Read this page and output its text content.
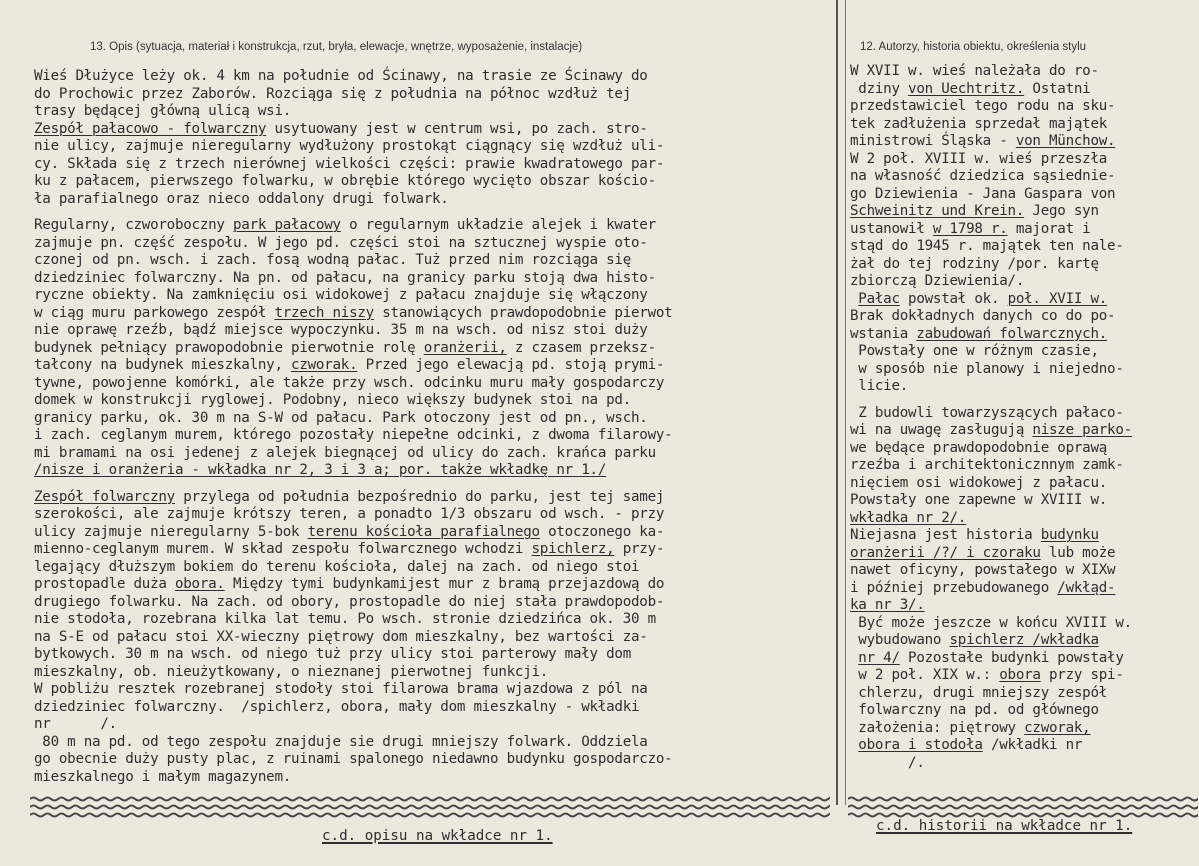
13. Opis (sytuacja, materiał i konstrukcja, rzut, bryła, elewacje, wnętrze, wyposażenie, instalacje)	12. Autorzy, historia obiektu, określenia stylu
Wieś Dłużyce leży ok. 4 km na południe od Ścinawy, na trasie ze Ścinawy do
do Prochowic przez Zaborów. Rozciąga się z południa na północ wzdłuż tej
trasy będącej główną ulicą wsi.
Zespół pałacowo - folwarczny usytuowany jest w centrum wsi, po zach. stro-
nie ulicy, zajmuje nieregularny wydłużony prostokąt ciągnący się wzdłuż uli-
cy. Składa się z trzech nierównej wielkości części: prawie kwadratowego par-
ku z pałacem, pierwszego folwarku, w obrębie którego wycięto obszar kościo-
ła parafialnego oraz nieco oddalony drugi folwark.
Regularny, czworoboczny park pałacowy o regularnym układzie alejek i kwater
zajmuje pn. część zespołu. W jego pd. części stoi na sztucznej wyspie oto-
czonej od pn. wsch. i zach. fosą wodną pałac. Tuż przed nim rozciąga się
dziedziniec folwarczny. Na pn. od pałacu, na granicy parku stoją dwa histo-
ryczne obiekty. Na zamknięciu osi widokowej z pałacu znajduje się włączony
w ciąg muru parkowego zespół trzech niszy stanowiących prawdopodobnie pierwot
nie oprawę rzeźb, bądź miejsce wypoczynku. 35 m na wsch. od nisz stoi duży
budynek pełniący prawopodobnie pierwotnie rolę oranżerii, z czasem przeksz-
tałcony na budynek mieszkalny, czworak. Przed jego elewacją pd. stoją prymi-
tywne, powojenne komórki, ale także przy wsch. odcinku muru mały gospodarczy
domek w konstrukcji ryglowej. Podobny, nieco większy budynek stoi na pd.
granicy parku, ok. 30 m na S-W od pałacu. Park otoczony jest od pn., wsch.
i zach. ceglanym murem, którego pozostały niepełne odcinki, z dwoma filarowy-
mi bramami na osi jedenej z alejek biegnącej od ulicy do zach. krańca parku
/nisze i oranżeria - wkładka nr 2, 3 i 3 a; por. także wkładkę nr 1./
Zespół folwarczny przylega od południa bezpośrednio do parku, jest tej samej
szerokości, ale zajmuje krótszy teren, a ponadto 1/3 obszaru od wsch. - przy
ulicy zajmuje nieregularny 5-bok terenu kościoła parafialnego otoczonego ka-
mienno-ceglanym murem. W skład zespołu folwarcznego wchodzi spichlerz, przy-
legający dłuższym bokiem do terenu kościoła, dalej na zach. od niego stoi
prostopadle duża obora. Między tymi budynkamijest mur z bramą przejazdową do
drugiego folwarku. Na zach. od obory, prostopadle do niej stała prawdopodob-
nie stodoła, rozebrana kilka lat temu. Po wsch. stronie dziedzińca ok. 30 m
na S-E od pałacu stoi XX-wieczny piętrowy dom mieszkalny, bez wartości za-
bytkowych. 30 m na wsch. od niego tuż przy ulicy stoi parterowy mały dom
mieszkalny, ob. nieużytkowany, o nieznanej pierwotnej funkcji.
W pobliżu resztek rozebranej stodoły stoi filarowa brama wjazdowa z pól na
dziedziniec folwarczny.  /spichlerz, obora, mały dom mieszkalny - wkładki
nr      /.
80 m na pd. od tego zespołu znajduje sie drugi mniejszy folwark. Oddziela
go obecnie duży pusty plac, z ruinami spalonego niedawno budynku gospodarczo-
mieszkalnego i małym magazynem.
W XVII w. wieś należała do ro-
dziny von Uechtritz. Ostatni
przedstawiciel tego rodu na sku-
tek zadłużenia sprzedał majątek
ministrowi Śląska - von Münchow.
W 2 poł. XVIII w. wieś przeszła
na własność dziedzica sąsiednie-
go Dziewienia - Jana Gaspara von
Schweinitz und Krein. Jego syn
ustanowił w 1798 r. majorat i
stąd do 1945 r. majątek ten nale-
żał do tej rodziny /por. kartę
zbiorczą Dziewienia/.
Pałac powstał ok. poł. XVII w.
Brak dokładnych danych co do po-
wstania zabudowań folwarcznych.
Powstały one w różnym czasie,
w sposób nie planowy i niejedno-
licie.
Z budowli towarzyszących pałaco-
wi na uwagę zasługują nisze parko-
we będące prawdopodobnie oprawą
rzeźba i architektonicznnym zamk-
nięciem osi widokowej z pałacu.
Powstały one zapewne w XVIII w.
wkładka nr 2/.
Niejasna jest historia budynku
oranżerii /?/ i czoraku lub może
nawet oficyny, powstałego w XIXw
i później przebudowanego /wkłąd-
ka nr 3/.
Być może jeszcze w końcu XVIII w.
wybudowano spichlerz /wkładka
nr 4/ Pozostałe budynki powstały
w 2 poł. XIX w.: obora przy spi-
chlerzu, drugi mniejszy zespół
folwarczny na pd. od głównego
założenia: piętrowy czworak,
obora i stodoła /wkładki nr
/.
c.d. opisu na wkładce nr 1.
c.d. historii na wkładce nr 1.
